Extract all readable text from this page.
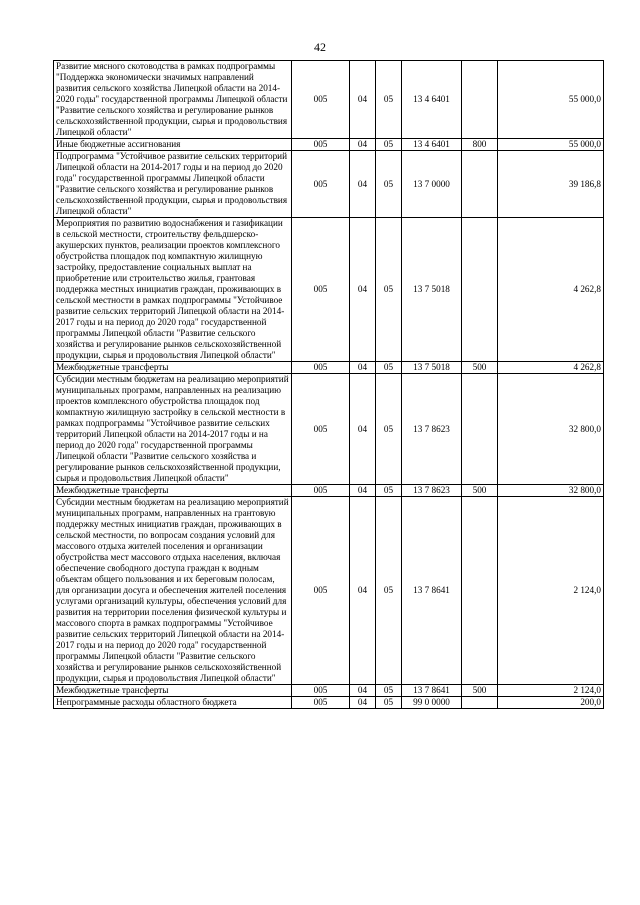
42
Развитие мясного скотоводства в рамках подпрограммы "Поддержка экономически значимых направлений развития сельского хозяйства Липецкой области на 2014-2020 годы" государственной программы Липецкой области "Развитие сельского хозяйства и регулирование рынков сельскохозяйственной продукции, сырья и продовольствия Липецкой области"	005	04	05	13 4 6401		55 000,0
Иные бюджетные ассигнования	005	04	05	13 4 6401	800	55 000,0
Подпрограмма "Устойчивое развитие сельских территорий Липецкой области на 2014-2017 годы и на период до 2020 года" государственной программы Липецкой области "Развитие сельского хозяйства и регулирование рынков сельскохозяйственной продукции, сырья и продовольствия Липецкой области"	005	04	05	13 7 0000		39 186,8
Мероприятия по развитию водоснабжения и газификации в сельской местности, строительству фельдшерско-акушерских пунктов, реализации проектов комплексного обустройства площадок под компактную жилищную застройку, предоставление социальных выплат на приобретение или строительство жилья, грантовая поддержка местных инициатив граждан, проживающих в сельской местности в рамках подпрограммы "Устойчивое развитие сельских территорий Липецкой области на 2014-2017 годы и на период до 2020 года" государственной программы Липецкой области "Развитие сельского хозяйства и регулирование рынков сельскохозяйственной продукции, сырья и продовольствия Липецкой области"	005	04	05	13 7 5018		4 262,8
Межбюджетные трансферты	005	04	05	13 7 5018	500	4 262,8
Субсидии местным бюджетам на реализацию мероприятий муниципальных программ, направленных на реализацию проектов комплексного обустройства площадок под компактную жилищную застройку в сельской местности в рамках подпрограммы "Устойчивое развитие сельских территорий Липецкой области на 2014-2017 годы и на период до 2020 года" государственной программы Липецкой области "Развитие сельского хозяйства и регулирование рынков сельскохозяйственной продукции, сырья и продовольствия Липецкой области"	005	04	05	13 7 8623		32 800,0
Межбюджетные трансферты	005	04	05	13 7 8623	500	32 800,0
Субсидии местным бюджетам на реализацию мероприятий муниципальных программ, направленных на грантовую поддержку местных инициатив граждан, проживающих в сельской местности, по вопросам создания условий для массового отдыха жителей поселения и организации обустройства мест массового отдыха населения, включая обеспечение свободного доступа граждан к водным объектам общего пользования и их береговым полосам, для организации досуга и обеспечения жителей поселения услугами организаций культуры, обеспечения условий для развития на территории поселения физической культуры и массового спорта в рамках подпрограммы "Устойчивое развитие сельских территорий Липецкой области на 2014-2017 годы и на период до 2020 года" государственной программы Липецкой области "Развитие сельского хозяйства и регулирование рынков сельскохозяйственной продукции, сырья и продовольствия Липецкой области"	005	04	05	13 7 8641		2 124,0
Межбюджетные трансферты	005	04	05	13 7 8641	500	2 124,0
Непрограммные расходы областного бюджета	005	04	05	99 0 0000		200,0
